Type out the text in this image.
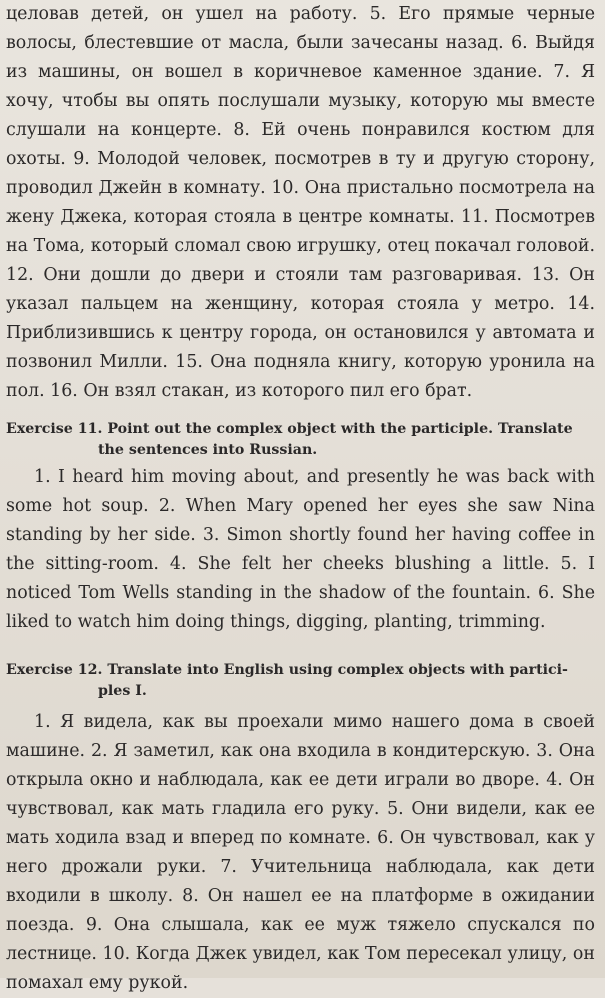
целовав детей, он ушел на работу. 5. Его прямые черные волосы, блестевшие от масла, были зачесаны назад. 6. Выйдя из машины, он вошел в коричневое каменное здание. 7. Я хочу, чтобы вы опять послушали музыку, которую мы вместе слушали на концерте. 8. Ей очень понравился костюм для охоты. 9. Молодой человек, посмотрев в ту и другую сторону, проводил Джейн в комнату. 10. Она пристально посмотрела на жену Джека, которая стояла в центре комнаты. 11. Посмотрев на Тома, который сломал свою игрушку, отец покачал головой. 12. Они дошли до двери и стояли там разговаривая. 13. Он указал пальцем на женщину, которая стояла у метро. 14. Приблизившись к центру города, он остановился у автомата и позвонил Милли. 15. Она подняла книгу, которую уронила на пол. 16. Он взял стакан, из которого пил его брат.

Exercise 11. Point out the complex object with the participle. Translate
the sentences into Russian.

1. I heard him moving about, and presently he was back with some hot soup. 2. When Mary opened her eyes she saw Nina standing by her side. 3. Simon shortly found her having coffee in the sitting-room. 4. She felt her cheeks blushing a little. 5. I noticed Tom Wells standing in the shadow of the fountain. 6. She liked to watch him doing things, digging, planting, trimming.

Exercise 12. Translate into English using complex objects with partici-
ples I.

1. Я видела, как вы проехали мимо нашего дома в своей машине. 2. Я заметил, как она входила в кондитерскую. 3. Она открыла окно и наблюдала, как ее дети играли во дворе. 4. Он чувствовал, как мать гладила его руку. 5. Они видели, как ее мать ходила взад и вперед по комнате. 6. Он чувствовал, как у него дрожали руки. 7. Учительница наблюдала, как дети входили в школу. 8. Он нашел ее на платформе в ожидании поезда. 9. Она слышала, как ее муж тяжело спускался по лестнице. 10. Когда Джек увидел, как Том пересекал улицу, он помахал ему рукой.
